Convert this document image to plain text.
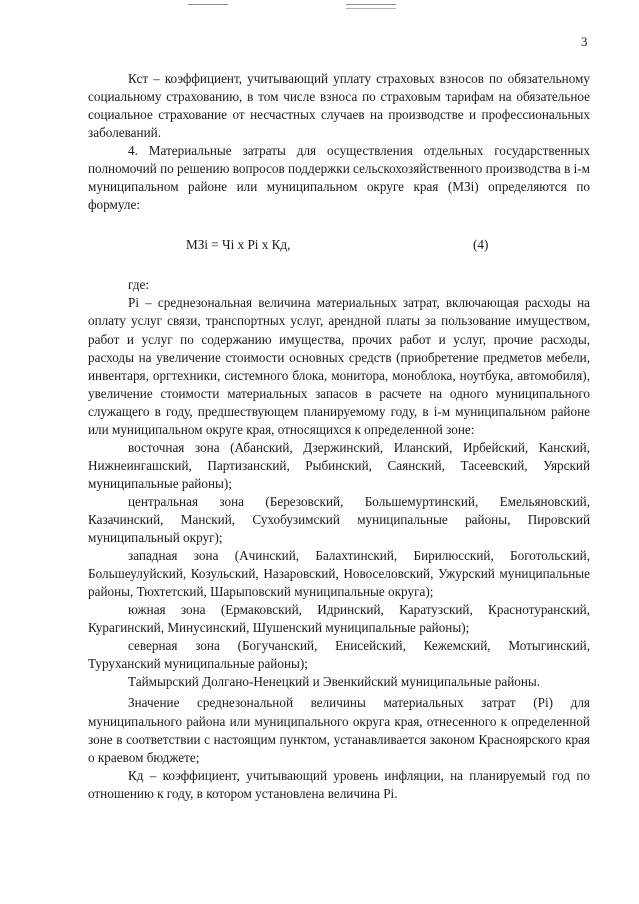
3

Кст – коэффициент, учитывающий уплату страховых взносов по обязательному социальному страхованию, в том числе взноса по страховым тарифам на обязательное социальное страхование от несчастных случаев на производстве и профессиональных заболеваний.

4. Материальные затраты для осуществления отдельных государственных полномочий по решению вопросов поддержки сельскохозяйственного производства в i-м муниципальном районе или муниципальном округе края (МЗi) определяются по формуле:

МЗi = Чi x Pi x Кд,	(4)

где:

Pi – среднезональная величина материальных затрат, включающая расходы на оплату услуг связи, транспортных услуг, арендной платы за пользование имуществом, работ и услуг по содержанию имущества, прочих работ и услуг, прочие расходы, расходы на увеличение стоимости основных средств (приобретение предметов мебели, инвентаря, оргтехники, системного блока, монитора, моноблока, ноутбука, автомобиля), увеличение стоимости материальных запасов в расчете на одного муниципального служащего в году, предшествующем планируемому году, в i-м муниципальном районе или муниципальном округе края, относящихся к определенной зоне:

восточная зона (Абанский, Дзержинский, Иланский, Ирбейский, Канский, Нижнеингашский, Партизанский, Рыбинский, Саянский, Тасеевский, Уярский муниципальные районы);

центральная зона (Березовский, Большемуртинский, Емельяновский, Казачинский, Манский, Сухобузимский муниципальные районы, Пировский муниципальный округ);

западная зона (Ачинский, Балахтинский, Бирилюсский, Боготольский, Большеулуйский, Козульский, Назаровский, Новоселовский, Ужурский муниципальные районы, Тюхтетский, Шарыповский муниципальные округа);

южная зона (Ермаковский, Идринский, Каратузский, Краснотуранский, Курагинский, Минусинский, Шушенский муниципальные районы);

северная зона (Богучанский, Енисейский, Кежемский, Мотыгинский, Туруханский муниципальные районы);

Таймырский Долгано-Ненецкий и Эвенкийский муниципальные районы.

Значение среднезональной величины материальных затрат (Pi) для муниципального района или муниципального округа края, отнесенного к определенной зоне в соответствии с настоящим пунктом, устанавливается законом Красноярского края о краевом бюджете;

Кд – коэффициент, учитывающий уровень инфляции, на планируемый год по отношению к году, в котором установлена величина Pi.
